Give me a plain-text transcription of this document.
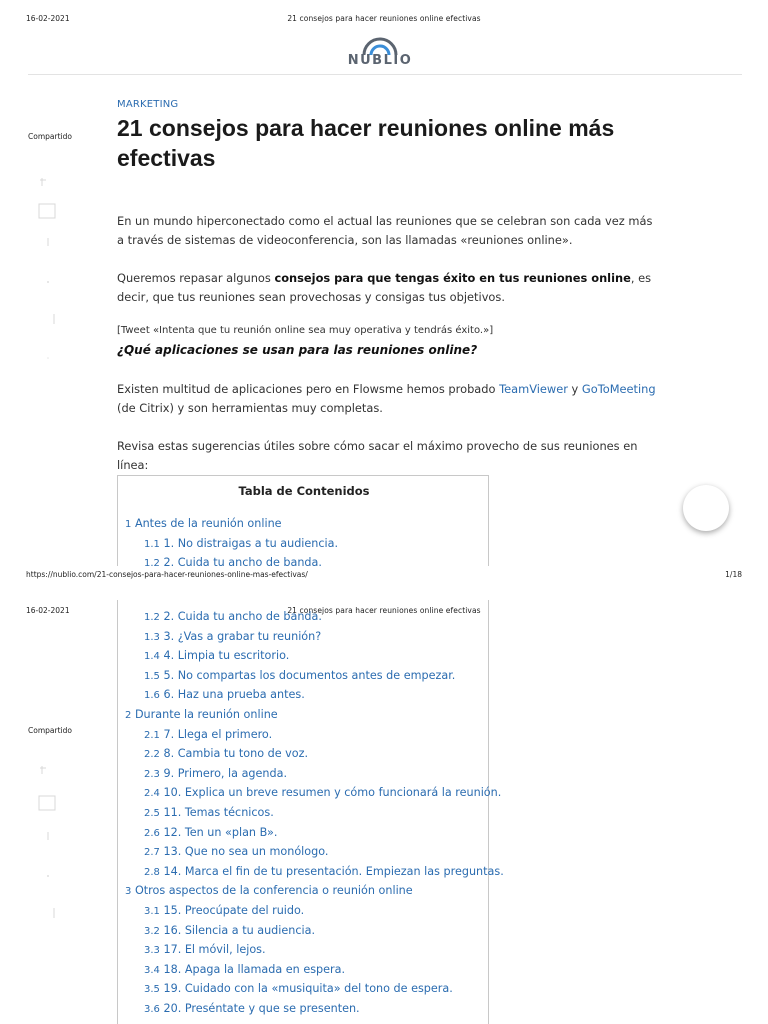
16-02-2021	21 consejos para hacer reuniones online efectivas
NUBLIO
Compartido
MARKETING
21 consejos para hacer reuniones online más efectivas

En un mundo hiperconectado como el actual las reuniones que se celebran son cada vez más a través de sistemas de videoconferencia, son las llamadas «reuniones online».

Queremos repasar algunos consejos para que tengas éxito en tus reuniones online, es decir, que tus reuniones sean provechosas y consigas tus objetivos.

[Tweet «Intenta que tu reunión online sea muy operativa y tendrás éxito.»]
¿Qué aplicaciones se usan para las reuniones online?

Existen multitud de aplicaciones pero en Flowsme hemos probado TeamViewer y GoToMeeting (de Citrix) y son herramientas muy completas.

Revisa estas sugerencias útiles sobre cómo sacar el máximo provecho de sus reuniones en línea:

Tabla de Contenidos
1 Antes de la reunión online
1.1 1. No distraigas a tu audiencia.
1.2 2. Cuida tu ancho de banda.
https://nublio.com/21-consejos-para-hacer-reuniones-online-mas-efectivas/	1/18
16-02-2021	21 consejos para hacer reuniones online efectivas
Compartido
1.2 2. Cuida tu ancho de banda.
1.3 3. ¿Vas a grabar tu reunión?
1.4 4. Limpia tu escritorio.
1.5 5. No compartas los documentos antes de empezar.
1.6 6. Haz una prueba antes.
2 Durante la reunión online
2.1 7. Llega el primero.
2.2 8. Cambia tu tono de voz.
2.3 9. Primero, la agenda.
2.4 10. Explica un breve resumen y cómo funcionará la reunión.
2.5 11. Temas técnicos.
2.6 12. Ten un «plan B».
2.7 13. Que no sea un monólogo.
2.8 14. Marca el fin de tu presentación. Empiezan las preguntas.
3 Otros aspectos de la conferencia o reunión online
3.1 15. Preocúpate del ruido.
3.2 16. Silencia a tu audiencia.
3.3 17. El móvil, lejos.
3.4 18. Apaga la llamada en espera.
3.5 19. Cuidado con la «musiquita» del tono de espera.
3.6 20. Preséntate y que se presenten.
